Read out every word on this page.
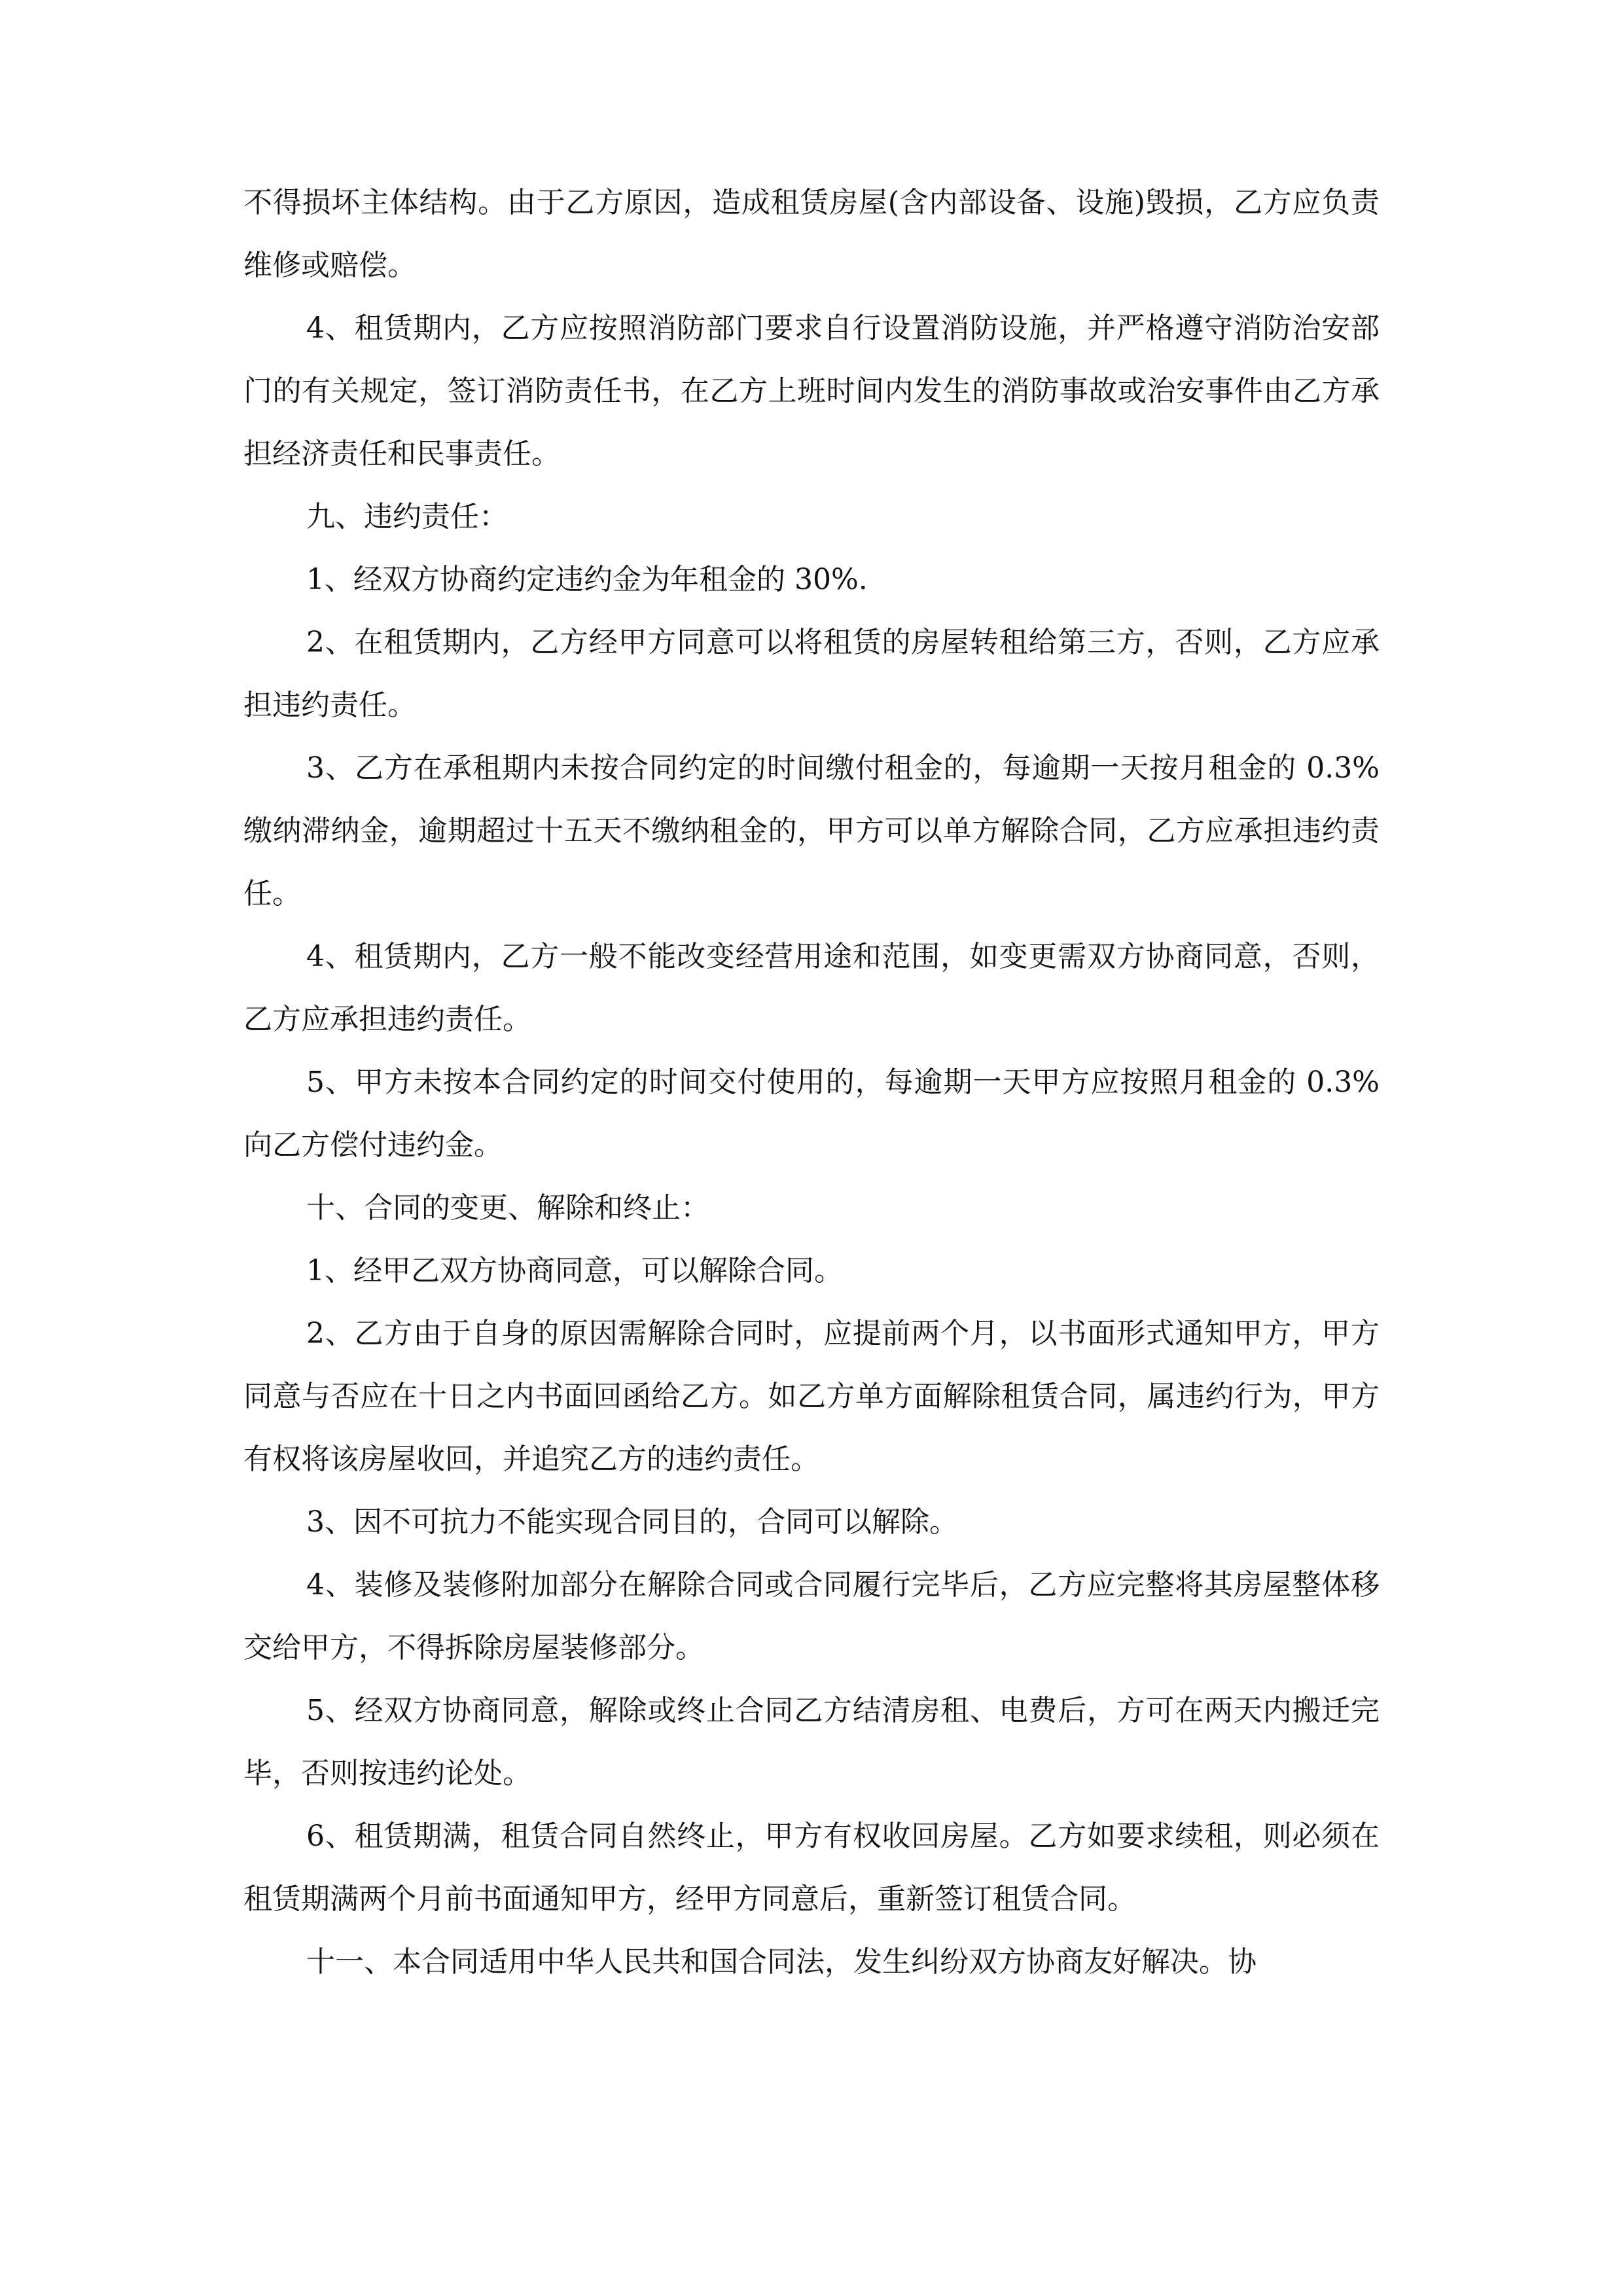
不得损坏主体结构。由于乙方原因，造成租赁房屋(含内部设备、设施)毁损，乙方应负责维修或赔偿。

4、租赁期内，乙方应按照消防部门要求自行设置消防设施，并严格遵守消防治安部门的有关规定，签订消防责任书，在乙方上班时间内发生的消防事故或治安事件由乙方承担经济责任和民事责任。

九、违约责任：

1、经双方协商约定违约金为年租金的 30%.

2、在租赁期内，乙方经甲方同意可以将租赁的房屋转租给第三方，否则，乙方应承担违约责任。

3、乙方在承租期内未按合同约定的时间缴付租金的，每逾期一天按月租金的 0.3%缴纳滞纳金，逾期超过十五天不缴纳租金的，甲方可以单方解除合同，乙方应承担违约责任。

4、租赁期内，乙方一般不能改变经营用途和范围，如变更需双方协商同意，否则，乙方应承担违约责任。

5、甲方未按本合同约定的时间交付使用的，每逾期一天甲方应按照月租金的 0.3%向乙方偿付违约金。

十、合同的变更、解除和终止：

1、经甲乙双方协商同意，可以解除合同。

2、乙方由于自身的原因需解除合同时，应提前两个月，以书面形式通知甲方，甲方同意与否应在十日之内书面回函给乙方。如乙方单方面解除租赁合同，属违约行为，甲方有权将该房屋收回，并追究乙方的违约责任。

3、因不可抗力不能实现合同目的，合同可以解除。

4、装修及装修附加部分在解除合同或合同履行完毕后，乙方应完整将其房屋整体移交给甲方，不得拆除房屋装修部分。

5、经双方协商同意，解除或终止合同乙方结清房租、电费后，方可在两天内搬迁完毕，否则按违约论处。

6、租赁期满，租赁合同自然终止，甲方有权收回房屋。乙方如要求续租，则必须在租赁期满两个月前书面通知甲方，经甲方同意后，重新签订租赁合同。

十一、本合同适用中华人民共和国合同法，发生纠纷双方协商友好解决。协
